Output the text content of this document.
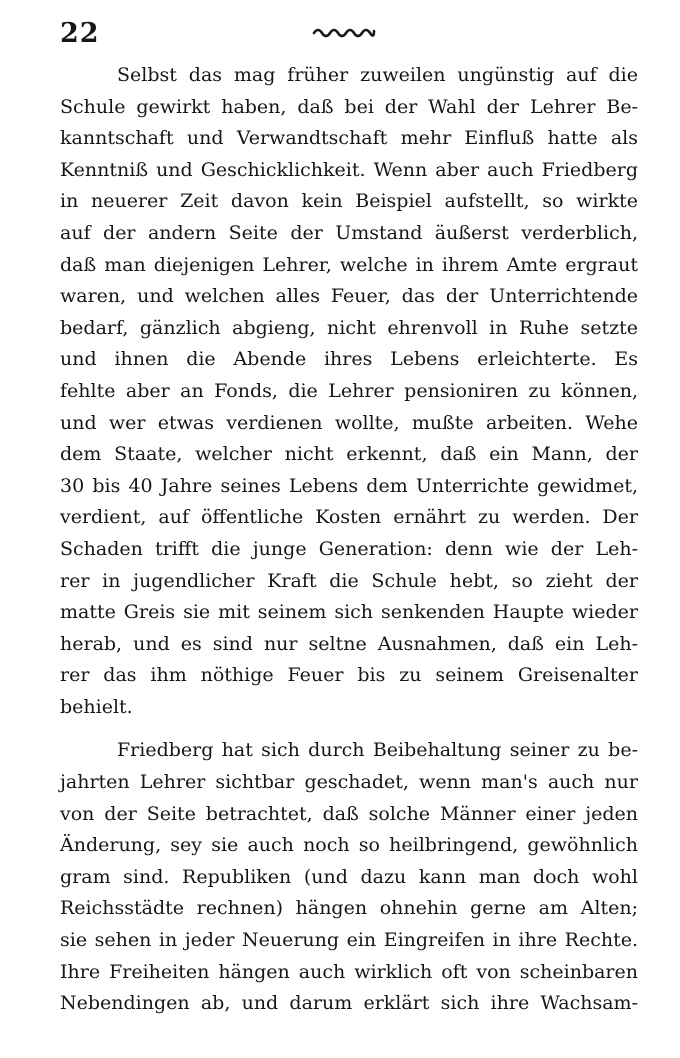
22
Selbst das mag früher zuweilen ungünstig auf die
Schule gewirkt haben, daß bei der Wahl der Lehrer Be-
kanntschaft und Verwandtschaft mehr Einfluß hatte als
Kenntniß und Geschicklichkeit. Wenn aber auch Friedberg
in neuerer Zeit davon kein Beispiel aufstellt, so wirkte
auf der andern Seite der Umstand äußerst verderblich,
daß man diejenigen Lehrer, welche in ihrem Amte ergraut
waren, und welchen alles Feuer, das der Unterrichtende
bedarf, gänzlich abgieng, nicht ehrenvoll in Ruhe setzte
und ihnen die Abende ihres Lebens erleichterte. Es
fehlte aber an Fonds, die Lehrer pensioniren zu können,
und wer etwas verdienen wollte, mußte arbeiten. Wehe
dem Staate, welcher nicht erkennt, daß ein Mann, der
30 bis 40 Jahre seines Lebens dem Unterrichte gewidmet,
verdient, auf öffentliche Kosten ernährt zu werden. Der
Schaden trifft die junge Generation: denn wie der Leh-
rer in jugendlicher Kraft die Schule hebt, so zieht der
matte Greis sie mit seinem sich senkenden Haupte wieder
herab, und es sind nur seltne Ausnahmen, daß ein Leh-
rer das ihm nöthige Feuer bis zu seinem Greisenalter
behielt.
Friedberg hat sich durch Beibehaltung seiner zu be-
jahrten Lehrer sichtbar geschadet, wenn man's auch nur
von der Seite betrachtet, daß solche Männer einer jeden
Änderung, sey sie auch noch so heilbringend, gewöhnlich
gram sind. Republiken (und dazu kann man doch wohl
Reichsstädte rechnen) hängen ohnehin gerne am Alten;
sie sehen in jeder Neuerung ein Eingreifen in ihre Rechte.
Ihre Freiheiten hängen auch wirklich oft von scheinbaren
Nebendingen ab, und darum erklärt sich ihre Wachsam-
